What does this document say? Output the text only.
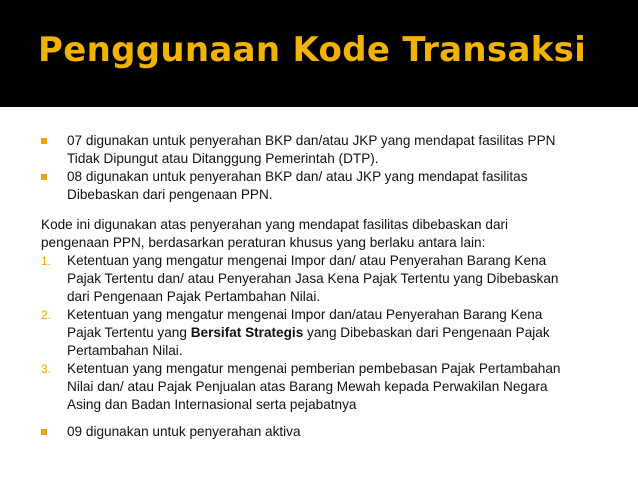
Penggunaan Kode Transaksi
07 digunakan untuk penyerahan BKP dan/atau JKP yang mendapat fasilitas PPN
Tidak Dipungut atau Ditanggung Pemerintah (DTP).
08 digunakan untuk penyerahan BKP dan/ atau JKP yang mendapat fasilitas
Dibebaskan dari pengenaan PPN.
Kode ini digunakan atas penyerahan yang mendapat fasilitas dibebaskan dari
pengenaan PPN, berdasarkan peraturan khusus yang berlaku antara lain:
1. Ketentuan yang mengatur mengenai Impor dan/ atau Penyerahan Barang Kena
Pajak Tertentu dan/ atau Penyerahan Jasa Kena Pajak Tertentu yang Dibebaskan
dari Pengenaan Pajak Pertambahan Nilai.
2. Ketentuan yang mengatur mengenai Impor dan/atau Penyerahan Barang Kena
Pajak Tertentu yang Bersifat Strategis yang Dibebaskan dari Pengenaan Pajak
Pertambahan Nilai.
3. Ketentuan yang mengatur mengenai pemberian pembebasan Pajak Pertambahan
Nilai dan/ atau Pajak Penjualan atas Barang Mewah kepada Perwakilan Negara
Asing dan Badan Internasional serta pejabatnya
09 digunakan untuk penyerahan aktiva
